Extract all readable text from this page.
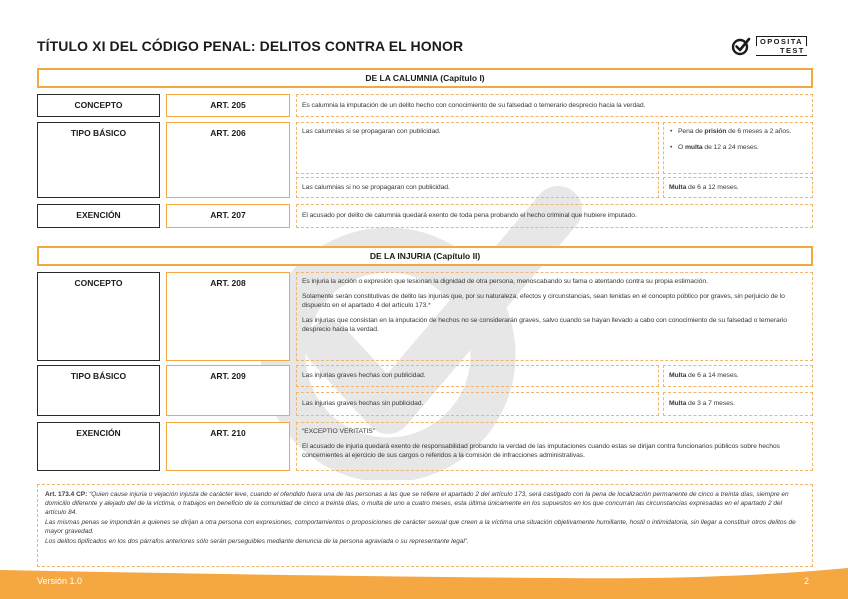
TÍTULO XI DEL CÓDIGO PENAL: DELITOS CONTRA EL HONOR	OPOSITA
TEST
DE LA CALUMNIA (Capítulo I)
CONCEPTO	ART. 205	Es calumnia la imputación de un delito hecho con conocimiento de su falsedad o temerario desprecio hacia la verdad.
TIPO BÁSICO	ART. 206	Las calumnias si se propagaran con publicidad.
•	Pena de prisión de 6 meses a 2 años.
• O multa de 12 a 24 meses.
Las calumnias si no se propagaran con publicidad.	Multa de 6 a 12 meses.
EXENCIÓN	ART. 207	El acusado por delito de calumnia quedará exento de toda pena probando el hecho criminal que hubiere imputado.
DE LA INJURIA (Capítulo II)
CONCEPTO	ART. 208	Es injuria la acción o expresión que lesionan la dignidad de otra persona, menoscabando su fama o atentando contra su propia estimación.

Solamente serán constitutivas de delito las injurias que, por su naturaleza, efectos y circunstancias, sean tenidas en el concepto público por graves, sin perjuicio de lo dispuesto en el apartado 4 del artículo 173.*

Las injurias que consistan en la imputación de hechos no se considerarán graves, salvo cuando se hayan llevado a cabo con conocimiento de su falsedad o temerario desprecio hacia la verdad.

TIPO BÁSICO	ART. 209	Las injurias graves hechas con publicidad.	Multa de 6 a 14 meses.
Las injurias graves hechas sin publicidad.	Multa de 3 a 7 meses.
EXENCIÓN	ART. 210	“EXCEPTIO VERITATIS”

El acusado de injuria quedará exento de responsabilidad probando la verdad de las imputaciones cuando estas se dirijan contra funcionarios públicos sobre hechos concernientes al ejercicio de sus cargos o referidos a la comisión de infracciones administrativas.

Art. 173.4 CP: “Quien cause injuria o vejación injusta de carácter leve, cuando el ofendido fuera una de las personas a las que se refiere el apartado 2 del artículo 173, será castigado con la pena de localización permanente de cinco a treinta días, siempre en domicilio diferente y alejado del de la víctima, o trabajos en beneficio de la comunidad de cinco a treinta días, o multa de uno a cuatro meses, esta última únicamente en los supuestos en los que concurran las circunstancias expresadas en el apartado 2 del artículo 84.

Las mismas penas se impondrán a quienes se dirijan a otra persona con expresiones, comportamientos o proposiciones de carácter sexual que creen a la víctima una situación objetivamente humillante, hostil o intimidatoria, sin llegar a constituir otros delitos de mayor gravedad.

Los delitos tipificados en los dos párrafos anteriores sólo serán perseguibles mediante denuncia de la persona agraviada o su representante legal”.

Versión 1.0	2
